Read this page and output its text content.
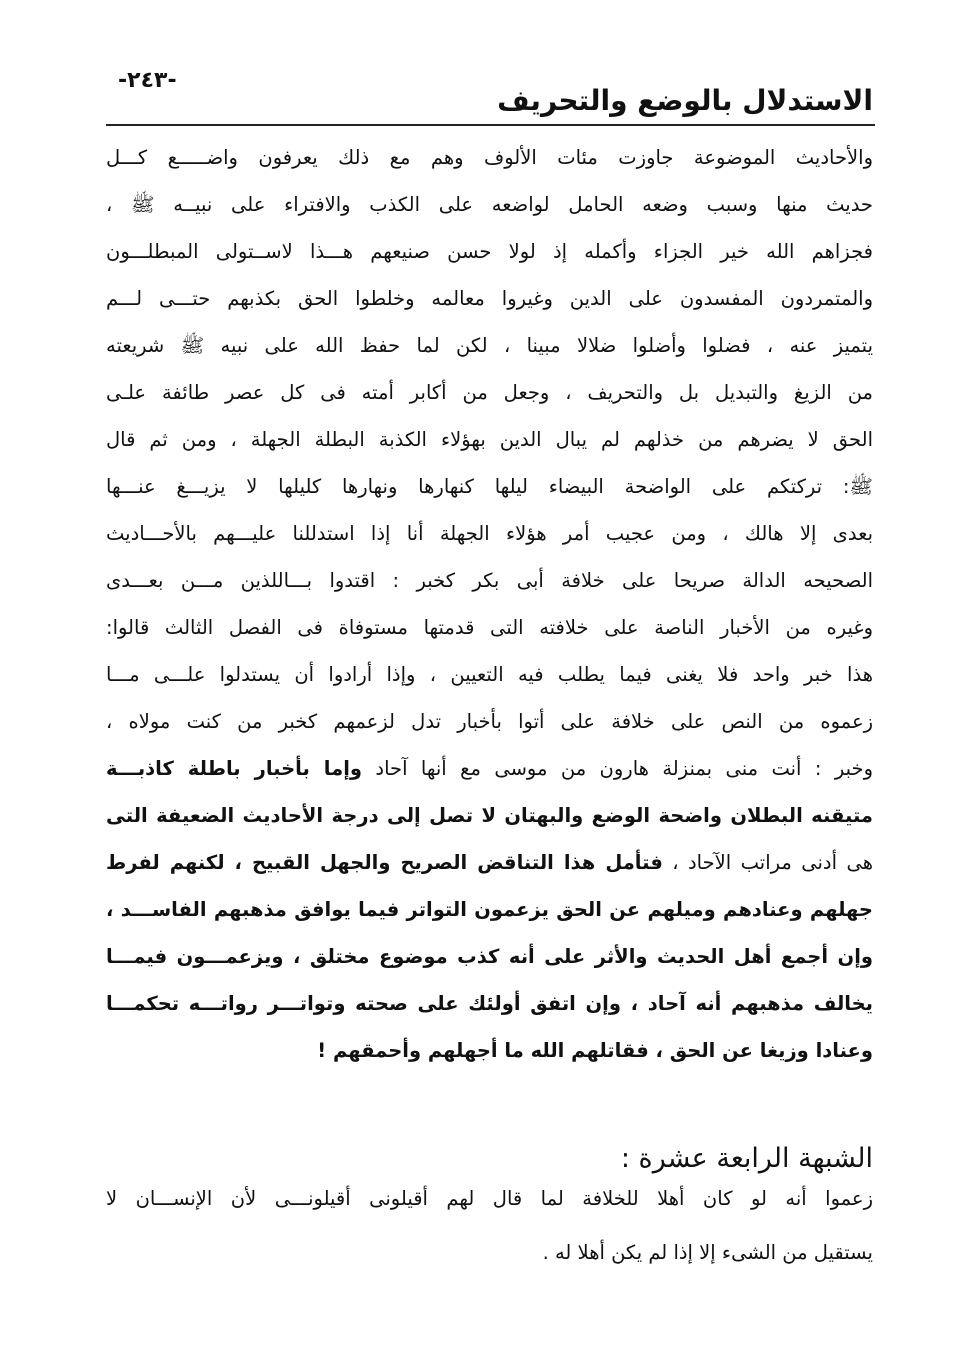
-٢٤٣-
الاستدلال بالوضع والتحريف
والأحاديث الموضوعة جاوزت مئات الألوف وهم مع ذلك يعرفون واضـــــع كـــل
حديث منها وسبب وضعه الحامل لواضعه على الكذب والافتراء على نبيــه ﷺ ،
فجزاهم الله خير الجزاء وأكمله إذ لولا حسن صنيعهم هـــذا لاســتولى المبطلـــون
والمتمردون المفسدون على الدين وغيروا معالمه وخلطوا الحق بكذبهم حتـــى لـــم
يتميز عنه ، فضلوا وأضلوا ضلالا مبينا ، لكن لما حفظ الله على نبيه ﷺ شريعته
من الزيغ والتبديل بل والتحريف ، وجعل من أكابر أمته فى كل عصر طائفة علـى
الحق لا يضرهم من خذلهم لم يبال الدين بهؤلاء الكذبة البطلة الجهلة ، ومن ثم قال
ﷺ: تركتكم على الواضحة البيضاء ليلها كنهارها ونهارها كليلها لا يزيـــغ عنـــها
بعدى إلا هالك ، ومن عجيب أمر هؤلاء الجهلة أنا إذا استدللنا عليـــهم بالأحـــاديث
الصحيحه الدالة صريحا على خلافة أبى بكر كخبر : اقتدوا بـــاللذين مـــن بعـــدى
وغيره من الأخبار الناصة على خلافته التى قدمتها مستوفاة فى الفصل الثالث قالوا:
هذا خبر واحد فلا يغنى فيما يطلب فيه التعيين ، وإذا أرادوا أن يستدلوا علـــى مـــا
زعموه من النص على خلافة على أتوا بأخبار تدل لزعمهم كخبر من كنت مولاه ،
وخبر : أنت منى بمنزلة هارون من موسى مع أنها آحاد وإما بأخبار باطلة كاذبـــة
متيقنه البطلان واضحة الوضع والبهتان لا تصل إلى درجة الأحاديث الضعيفة التى
هى أدنى مراتب الآحاد ، فتأمل هذا التناقض الصريح والجهل القبيح ، لكنهم لفرط
جهلهم وعنادهم وميلهم عن الحق يزعمون التواتر فيما يوافق مذهبهم الفاســـد ،
وإن أجمع أهل الحديث والأثر على أنه كذب موضوع مختلق ، ويزعمـــون فيمـــا
يخالف مذهبهم أنه آحاد ، وإن اتفق أولئك على صحته وتواتـــر رواتـــه تحكمـــا
وعنادا وزيغا عن الحق ، فقاتلهم الله ما أجهلهم وأحمقهم !
الشبهة الرابعة عشرة :
زعموا أنه لو كان أهلا للخلافة لما قال لهم أقيلونى أقيلونـــى لأن الإنســـان لا
يستقيل من الشىء إلا إذا لم يكن أهلا له .
